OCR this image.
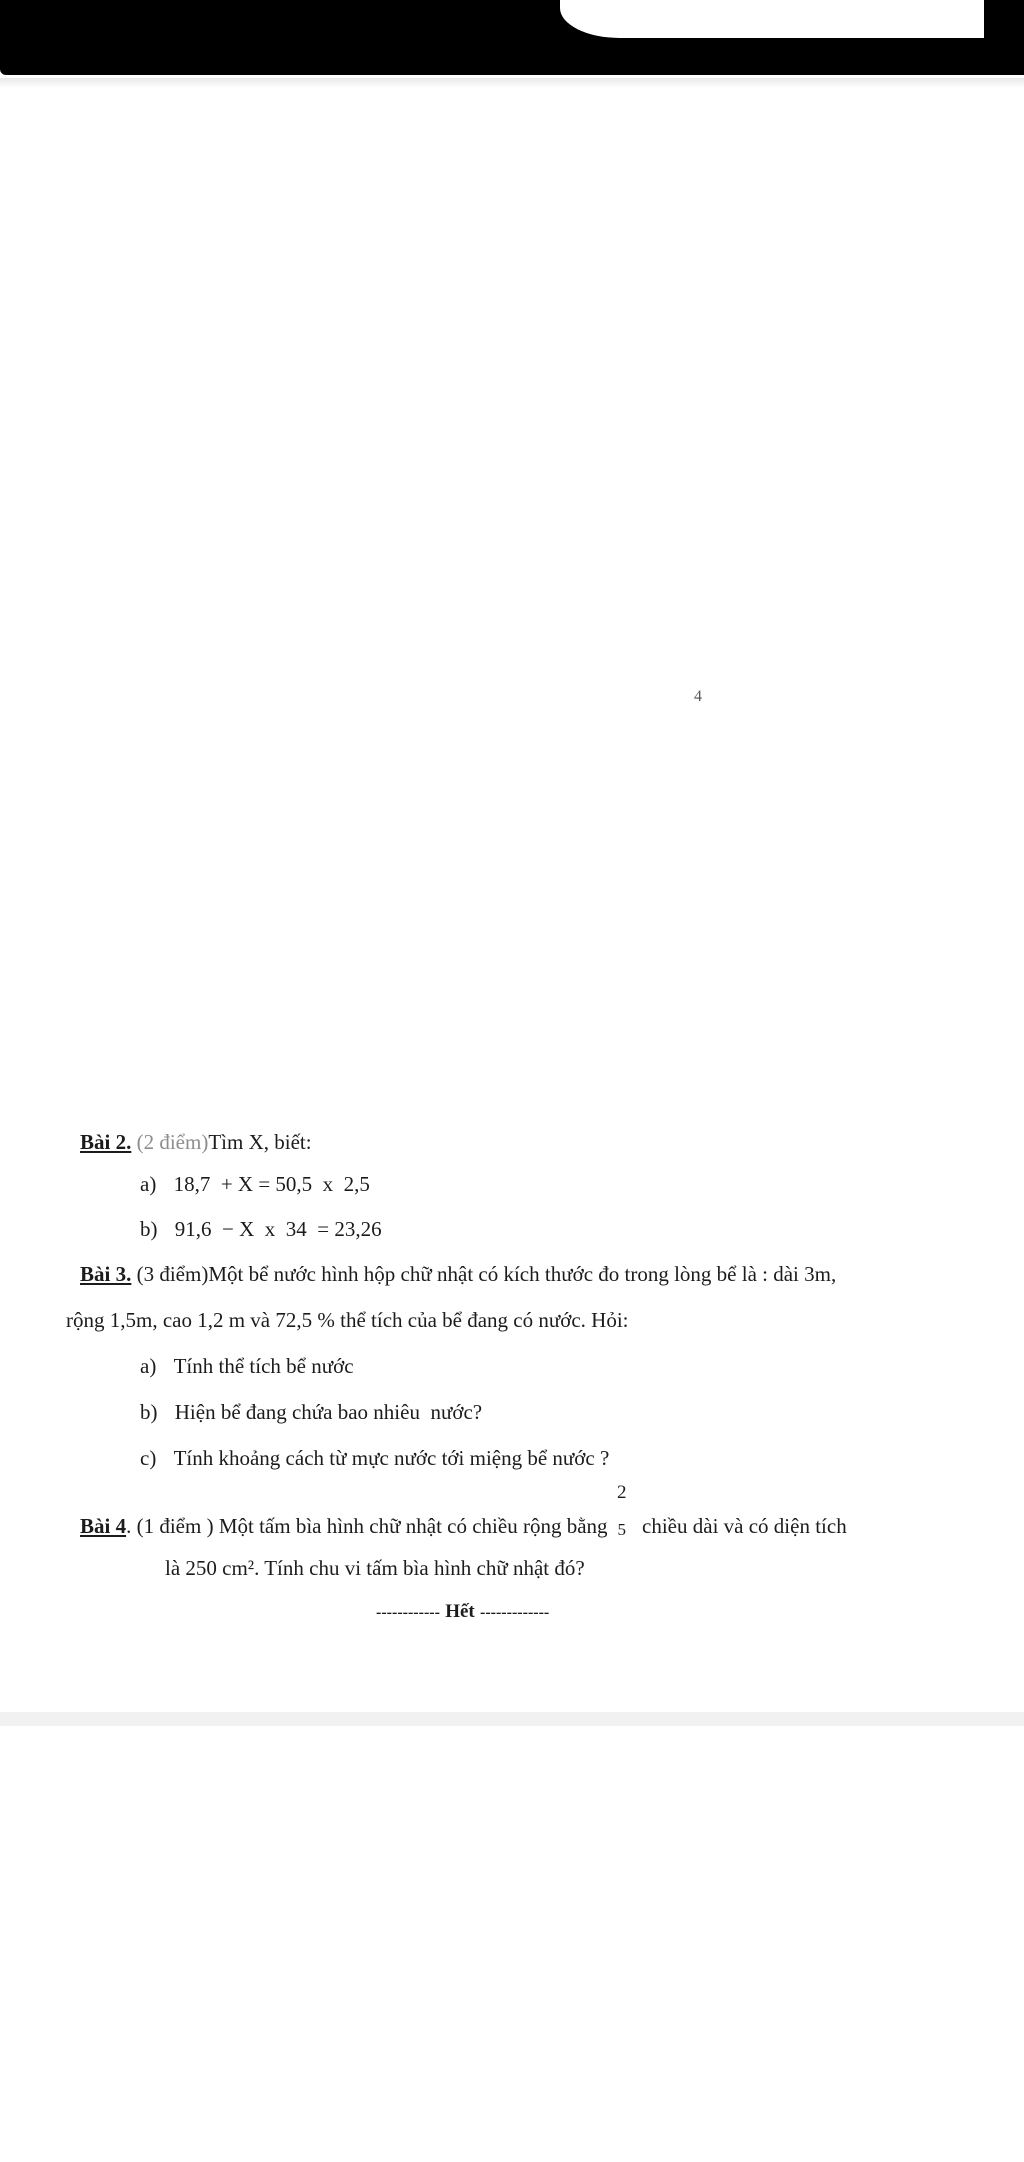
4
Bài 2. (2 điểm)Tìm X, biết:
a) 18,7  + X = 50,5  x  2,5
b) 91,6  − X  x  34  = 23,26
Bài 3. (3 điểm)Một bể nước hình hộp chữ nhật có kích thước đo trong lòng bể là : dài 3m,
rộng 1,5m, cao 1,2 m và 72,5 % thể tích của bể đang có nước. Hỏi:
a) Tính thể tích bể nước
b) Hiện bể đang chứa bao nhiêu  nước?
c) Tính khoảng cách từ mực nước tới miệng bể nước ?
Bài 4. (1 điểm ) Một tấm bìa hình chữ nhật có chiều rộng bằng
2
5 chiều dài và có diện tích
là 250 cm². Tính chu vi tấm bìa hình chữ nhật đó?
------------ Hết -------------
